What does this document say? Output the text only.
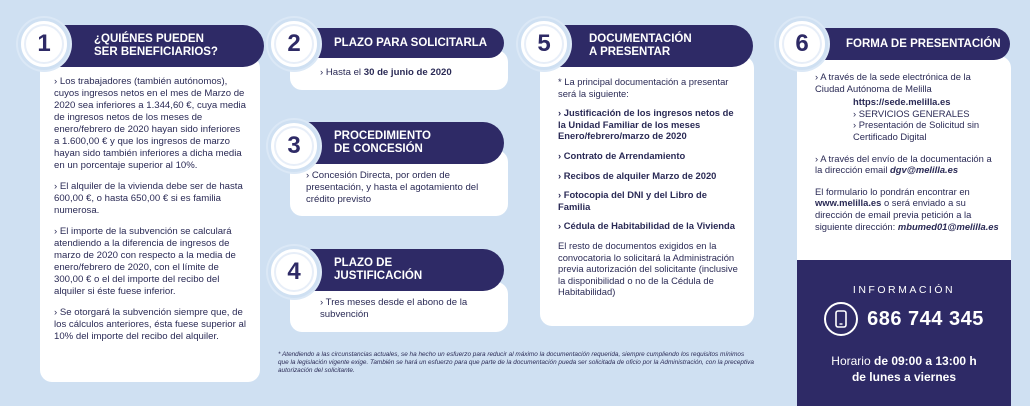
› Los trabajadores (también autónomos), cuyos ingresos netos en el mes de Marzo de 2020 sea inferiores a 1.344,60 €, cuya media de ingresos netos de los meses de enero/febrero de 2020 hayan sido inferiores a 1.600,00 € y que los ingresos de marzo hayan sido también inferiores a dicha media en un porcentaje superior al 10%.

› El alquiler de la vivienda debe ser de hasta 600,00 €, o hasta 650,00 € si es familia numerosa.

› El importe de la subvención se calculará atendiendo a la diferencia de ingresos de marzo de 2020 con respecto a la media de enero/febrero de 2020, con el límite de 300,00 € o el del importe del recibo del alquiler si éste fuese inferior.

› Se otorgará la subvención siempre que, de los cálculos anteriores, ésta fuese superior al 10% del importe del recibo del alquiler.

¿QUIÉNES PUEDEN SER BENEFICIARIOS?
1
› Hasta el 30 de junio de 2020
PLAZO PARA SOLICITARLA
2
› Concesión Directa, por orden de presentación, y hasta el agotamiento del crédito previsto
PROCEDIMIENTO DE CONCESIÓN
3
› Tres meses desde el abono de la subvención
PLAZO DE JUSTIFICACIÓN
4

* La principal documentación a presentar será la siguiente:

› Justificación de los ingresos netos de la Unidad Familiar de los meses Enero/febrero/marzo de 2020

› Contrato de Arrendamiento

› Recibos de alquiler Marzo de 2020

› Fotocopia del DNI y del Libro de Familia

› Cédula de Habitabilidad de la Vivienda

El resto de documentos exigidos en la convocatoria lo solicitará la Administración previa autorización del solicitante (inclusive la disponibilidad o no de la Cédula de Habitabilidad)

DOCUMENTACIÓN A PRESENTAR
5
* Atendiendo a las circunstancias actuales, se ha hecho un esfuerzo para reducir al máximo la documentación requerida, siempre cumpliendo los requisitos mínimos que la legislación vigente exige. También se hará un esfuerzo para que parte de la documentación pueda ser solicitada de oficio por la Administración, con la preceptiva autorización del solicitante.

› A través de la sede electrónica de la Ciudad Autónoma de Melilla

https://sede.melilla.es
› SERVICIOS GENERALES
› Presentación de Solicitud sin Certificado Digital

› A través del envío de la documentación a la dirección email dgv@melilla.es

El formulario lo pondrán encontrar en www.melilla.es o será enviado a su dirección de email previa petición a la siguiente dirección: mbumed01@melilla.es

FORMA DE PRESENTACIÓN
6
INFORMACIÓN
686 744 345
Horario de 09:00 a 13:00 h
de lunes a viernes
